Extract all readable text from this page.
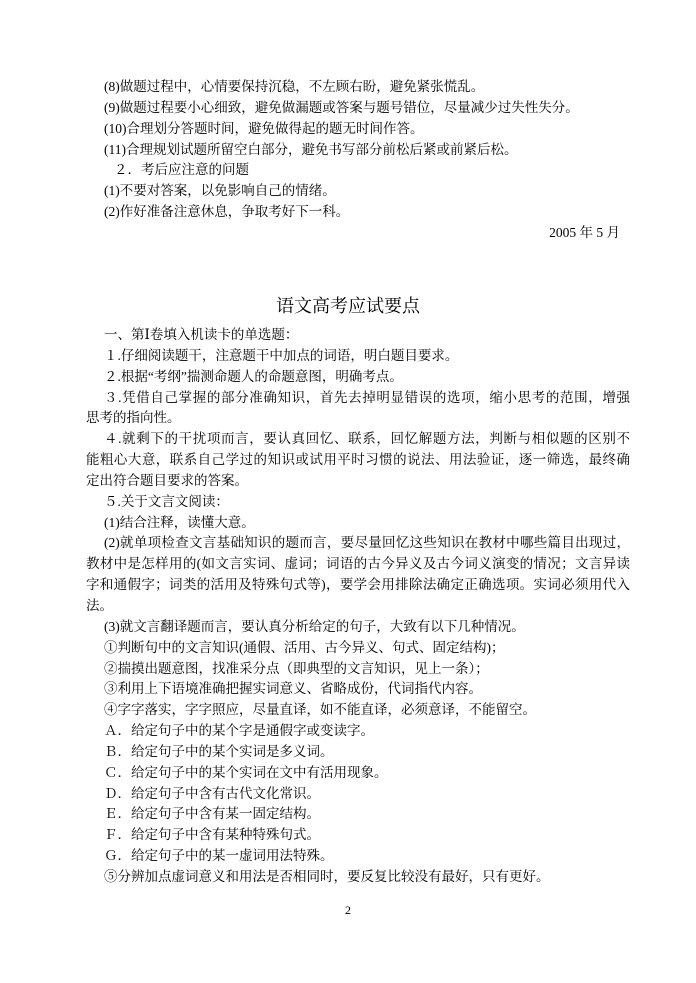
(8)做题过程中，心情要保持沉稳，不左顾右盼，避免紧张慌乱。
(9)做题过程要小心细致，避免做漏题或答案与题号错位，尽量减少过失性失分。
(10)合理划分答题时间，避免做得起的题无时间作答。
(11)合理规划试题所留空白部分，避免书写部分前松后紧或前紧后松。
２．考后应注意的问题
(1)不要对答案，以免影响自己的情绪。
(2)作好准备注意休息，争取考好下一科。
2005 年 5 月
语文高考应试要点
一、第Ⅰ卷填入机读卡的单选题：
１.仔细阅读题干，注意题干中加点的词语，明白题目要求。
２.根据“考纲”揣测命题人的命题意图，明确考点。
３.凭借自己掌握的部分准确知识，首先去掉明显错误的选项，缩小思考的范围，增强
思考的指向性。
４.就剩下的干扰项而言，要认真回忆、联系，回忆解题方法，判断与相似题的区别不
能粗心大意，联系自己学过的知识或试用平时习惯的说法、用法验证，逐一筛选，最终确
定出符合题目要求的答案。
５.关于文言文阅读：
(1)结合注释，读懂大意。
(2)就单项检查文言基础知识的题而言，要尽量回忆这些知识在教材中哪些篇目出现过，
教材中是怎样用的(如文言实词、虚词；词语的古今异义及古今词义演变的情况；文言异读
字和通假字；词类的活用及特殊句式等)，要学会用排除法确定正确选项。实词必须用代入
法。
(3)就文言翻译题而言，要认真分析给定的句子，大致有以下几种情况。
①判断句中的文言知识(通假、活用、古今异义、句式、固定结构)；
②揣摸出题意图，找准采分点（即典型的文言知识，见上一条）；
③利用上下语境准确把握实词意义、省略成份，代词指代内容。
④字字落实，字字照应，尽量直译，如不能直译，必须意译，不能留空。
Ａ．给定句子中的某个字是通假字或变读字。
Ｂ．给定句子中的某个实词是多义词。
Ｃ．给定句子中的某个实词在文中有活用现象。
Ｄ．给定句子中含有古代文化常识。
Ｅ．给定句子中含有某一固定结构。
Ｆ．给定句子中含有某种特殊句式。
Ｇ．给定句子中的某一虚词用法特殊。
⑤分辨加点虚词意义和用法是否相同时，要反复比较没有最好，只有更好。
2
